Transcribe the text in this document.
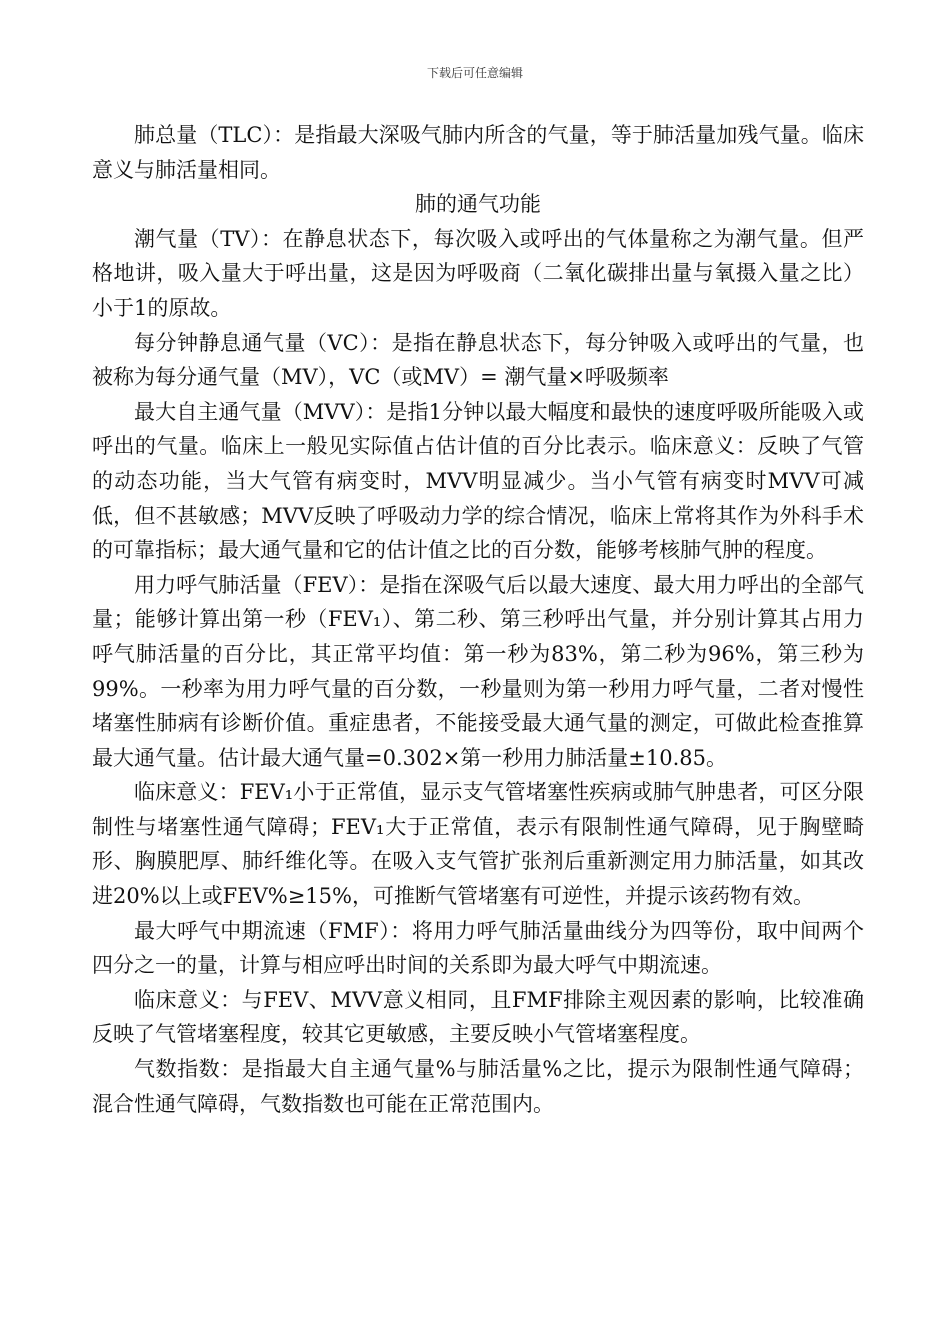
下载后可任意编辑

肺总量（TLC）：是指最大深吸气肺内所含的气量，等于肺活量加残气量。临床意义与肺活量相同。

肺的通气功能

潮气量（TV）：在静息状态下，每次吸入或呼出的气体量称之为潮气量。但严格地讲，吸入量大于呼出量，这是因为呼吸商（二氧化碳排出量与氧摄入量之比）小于1的原故。

每分钟静息通气量（VC）：是指在静息状态下，每分钟吸入或呼出的气量，也被称为每分通气量（MV），VC（或MV）= 潮气量×呼吸频率

最大自主通气量（MVV）：是指1分钟以最大幅度和最快的速度呼吸所能吸入或呼出的气量。临床上一般见实际值占估计值的百分比表示。临床意义：反映了气管的动态功能，当大气管有病变时，MVV明显减少。当小气管有病变时MVV可减低，但不甚敏感；MVV反映了呼吸动力学的综合情况，临床上常将其作为外科手术的可靠指标；最大通气量和它的估计值之比的百分数，能够考核肺气肿的程度。

用力呼气肺活量（FEV）：是指在深吸气后以最大速度、最大用力呼出的全部气量；能够计算出第一秒（FEV₁）、第二秒、第三秒呼出气量，并分别计算其占用力呼气肺活量的百分比，其正常平均值：第一秒为83%，第二秒为96%，第三秒为99%。一秒率为用力呼气量的百分数，一秒量则为第一秒用力呼气量，二者对慢性堵塞性肺病有诊断价值。重症患者，不能接受最大通气量的测定，可做此检查推算最大通气量。估计最大通气量=0.302×第一秒用力肺活量±10.85。

临床意义：FEV₁小于正常值，显示支气管堵塞性疾病或肺气肿患者，可区分限制性与堵塞性通气障碍；FEV₁大于正常值，表示有限制性通气障碍，见于胸壁畸形、胸膜肥厚、肺纤维化等。在吸入支气管扩张剂后重新测定用力肺活量，如其改进20%以上或FEV%≥15%，可推断气管堵塞有可逆性，并提示该药物有效。

最大呼气中期流速（FMF）：将用力呼气肺活量曲线分为四等份，取中间两个四分之一的量，计算与相应呼出时间的关系即为最大呼气中期流速。

临床意义：与FEV、MVV意义相同，且FMF排除主观因素的影响，比较准确反映了气管堵塞程度，较其它更敏感，主要反映小气管堵塞程度。

气数指数：是指最大自主通气量%与肺活量%之比，提示为限制性通气障碍；混合性通气障碍，气数指数也可能在正常范围内。
